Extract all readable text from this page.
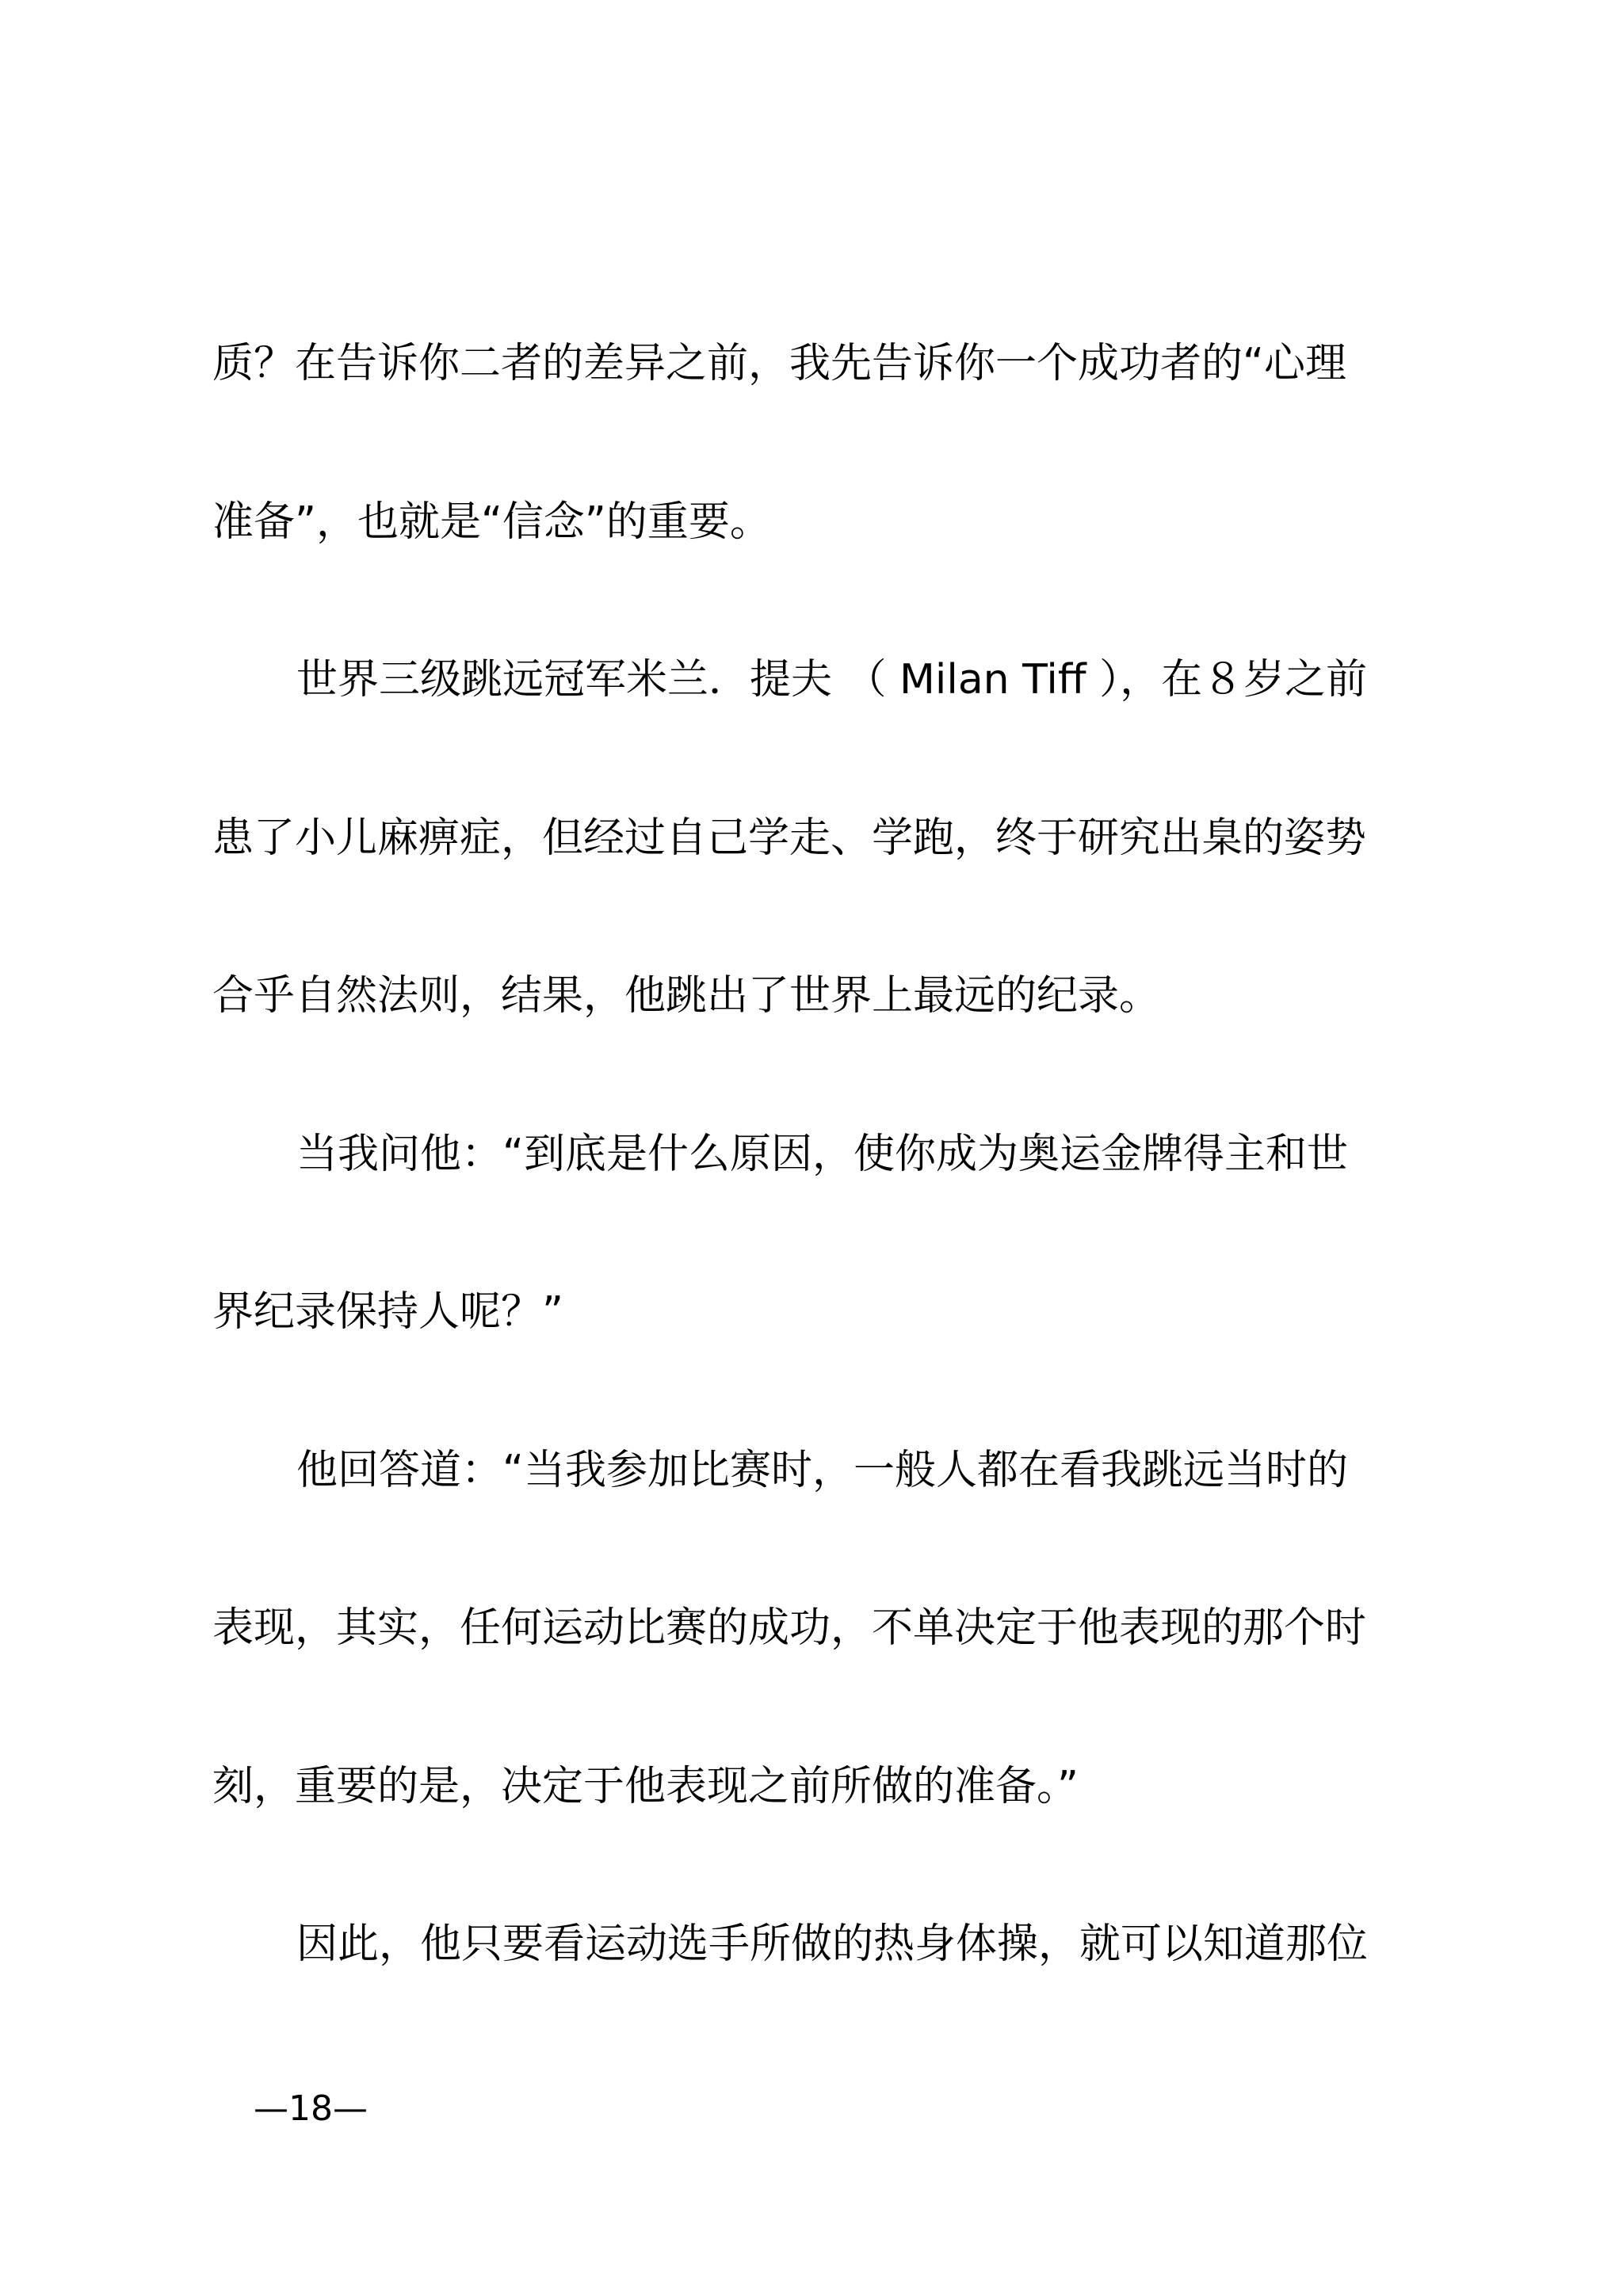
质？在告诉你二者的差异之前，我先告诉你一个成功者的“心理

准备”，也就是“信念”的重要。

世界三级跳远冠军米兰．提夫 （ Milan Tiff ），在８岁之前

患了小儿麻痹症，但经过自己学走、学跑，终于研究出臬的姿势

合乎自然法则，结果，他跳出了世界上最远的纪录。

当我问他：“到底是什么原因，使你成为奥运金牌得主和世

界纪录保持人呢？”

他回答道：“当我参加比赛时，一般人都在看我跳远当时的

表现，其实，任何运动比赛的成功，不单决定于他表现的那个时

刻，重要的是，决定于他表现之前所做的准备。”

因此，他只要看运动选手所做的热身体操，就可以知道那位

—18—
